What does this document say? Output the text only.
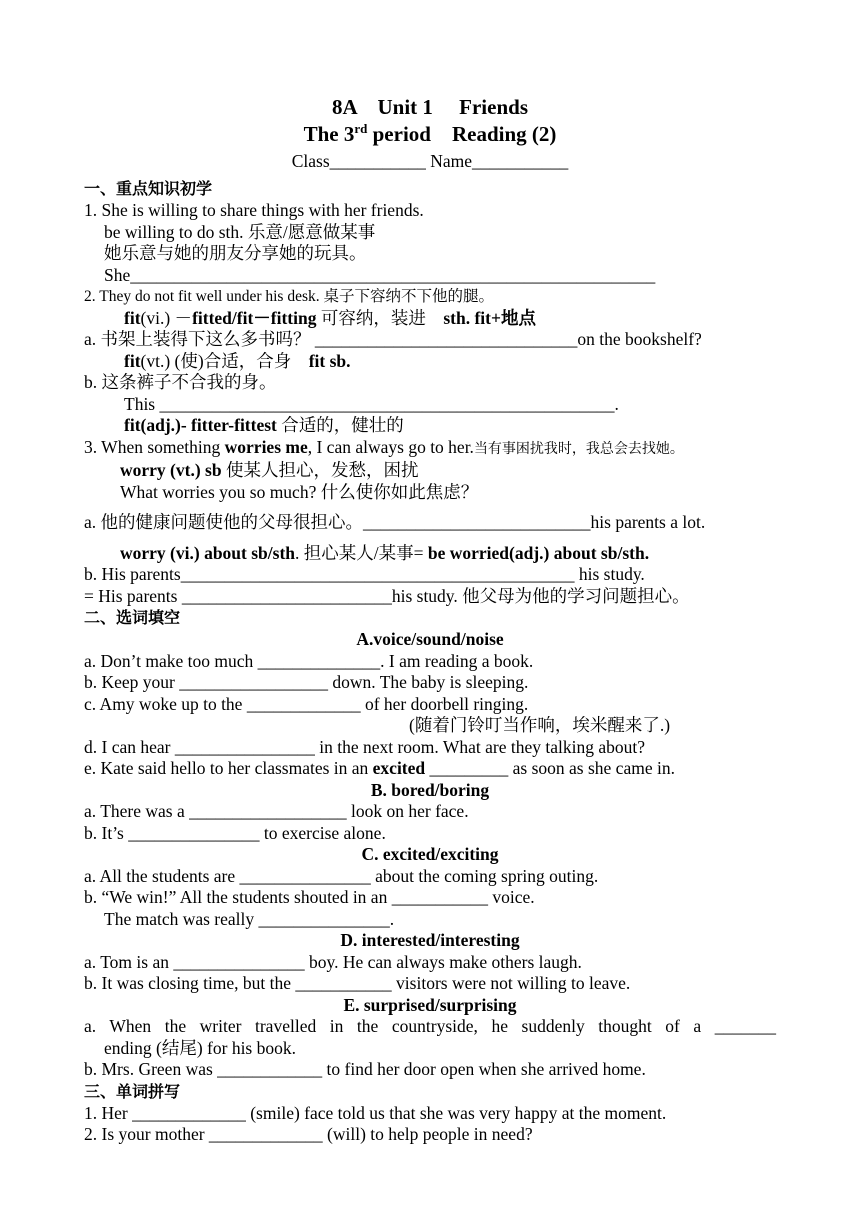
8A　Unit 1　 Friends
The 3rd period　Reading (2)
Class___________ Name___________
一、重点知识初学
1. She is willing to share things with her friends.
be willing to do sth. 乐意/愿意做某事
她乐意与她的朋友分享她的玩具。
She____________________________________________________________
2. They do not fit well under his desk. 桌子下容纳不下他的腿。
fit(vi.) －fitted/fit－fitting 可容纳，装进　sth. fit+地点
a. 书架上装得下这么多书吗？ ______________________________on the bookshelf?
fit(vt.) (使)合适，合身　fit sb.
b. 这条裤子不合我的身。
This ____________________________________________________.
fit(adj.)- fitter-fittest 合适的，健壮的
3. When something worries me, I can always go to her.当有事困扰我时，我总会去找她。
worry (vt.) sb 使某人担心，发愁，困扰
What worries you so much? 什么使你如此焦虑？
a. 他的健康问题使他的父母很担心。__________________________his parents a lot.
worry (vi.) about sb/sth. 担心某人/某事= be worried(adj.) about sb/sth.
b. His parents_____________________________________________ his study.
= His parents ________________________his study. 他父母为他的学习问题担心。
二、选词填空
A.voice/sound/noise
a. Don’t make too much ______________. I am reading a book.
b. Keep your _________________ down. The baby is sleeping.
c. Amy woke up to the _____________ of her doorbell ringing.
(随着门铃叮当作响，埃米醒来了.)
d. I can hear ________________ in the next room. What are they talking about?
e. Kate said hello to her classmates in an excited _________ as soon as she came in.
B. bored/boring
a. There was a __________________ look on her face.
b. It’s _______________ to exercise alone.
C. excited/exciting
a. All the students are _______________ about the coming spring outing.
b. “We win!” All the students shouted in an ___________ voice.
The match was really _______________.
D. interested/interesting
a. Tom is an _______________ boy. He can always make others laugh.
b. It was closing time, but the ___________ visitors were not willing to leave.
E. surprised/surprising
a. When the writer travelled in the countryside, he suddenly thought of a _______
ending (结尾) for his book.
b. Mrs. Green was ____________ to find her door open when she arrived home.
三、单词拼写
1. Her _____________ (smile) face told us that she was very happy at the moment.
2. Is your mother _____________ (will) to help people in need?
